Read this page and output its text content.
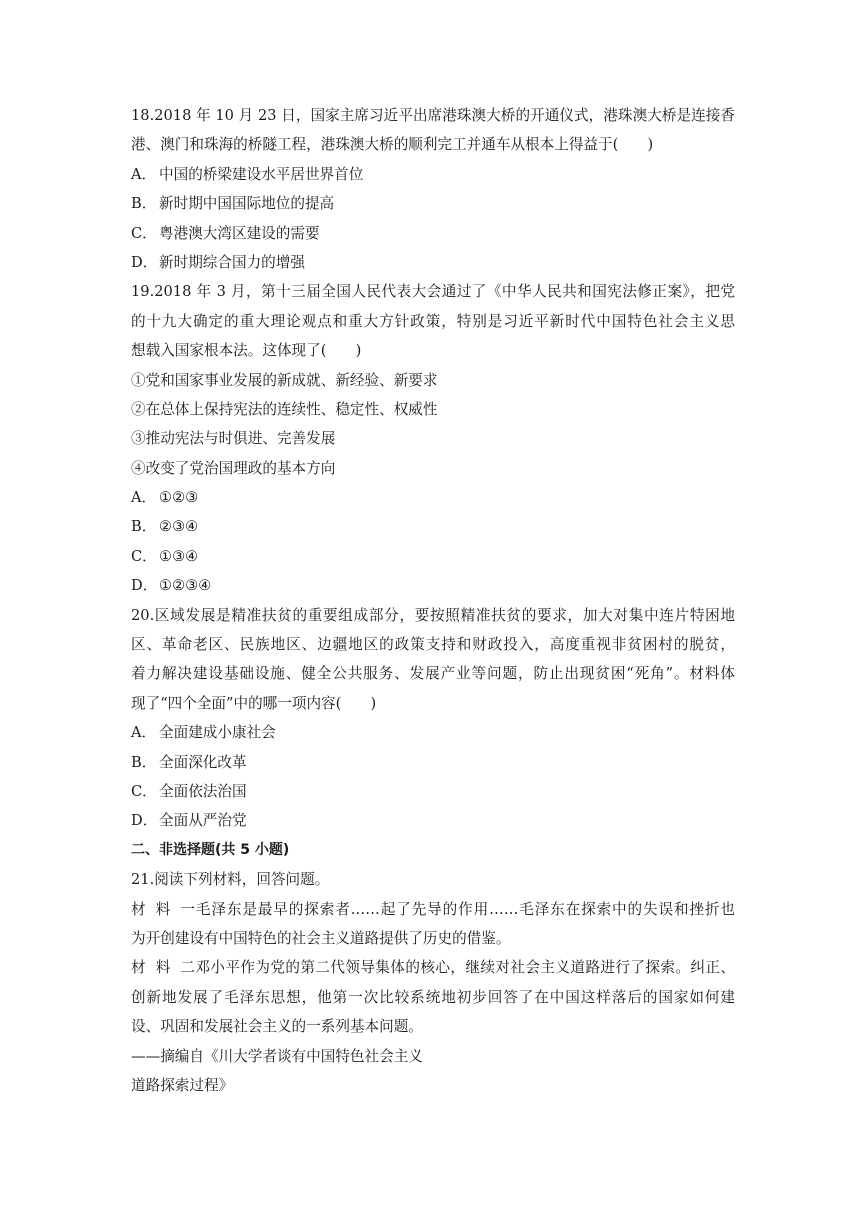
18.2018 年 10 月 23 日，国家主席习近平出席港珠澳大桥的开通仪式，港珠澳大桥是连接香
港、澳门和珠海的桥隧工程，港珠澳大桥的顺利完工并通车从根本上得益于(　　)
A． 中国的桥梁建设水平居世界首位
B． 新时期中国国际地位的提高
C． 粤港澳大湾区建设的需要
D． 新时期综合国力的增强
19.2018 年 3 月，第十三届全国人民代表大会通过了《中华人民共和国宪法修正案》，把党
的十九大确定的重大理论观点和重大方针政策，特别是习近平新时代中国特色社会主义思
想载入国家根本法。这体现了(　　)
①党和国家事业发展的新成就、新经验、新要求
②在总体上保持宪法的连续性、稳定性、权威性
③推动宪法与时俱进、完善发展
④改变了党治国理政的基本方向
A． ①②③
B． ②③④
C． ①③④
D． ①②③④
20.区域发展是精准扶贫的重要组成部分，要按照精准扶贫的要求，加大对集中连片特困地
区、革命老区、民族地区、边疆地区的政策支持和财政投入，高度重视非贫困村的脱贫，
着力解决建设基础设施、健全公共服务、发展产业等问题，防止出现贫困“死角”。材料体
现了“四个全面”中的哪一项内容(　　)
A． 全面建成小康社会
B． 全面深化改革
C． 全面依法治国
D． 全面从严治党
二、非选择题(共 5 小题)
21.阅读下列材料，回答问题。
材料一毛泽东是最早的探索者……起了先导的作用……毛泽东在探索中的失误和挫折也
为开创建设有中国特色的社会主义道路提供了历史的借鉴。
材料二邓小平作为党的第二代领导集体的核心，继续对社会主义道路进行了探索。纠正、
创新地发展了毛泽东思想，他第一次比较系统地初步回答了在中国这样落后的国家如何建
设、巩固和发展社会主义的一系列基本问题。
——摘编自《川大学者谈有中国特色社会主义
道路探索过程》
